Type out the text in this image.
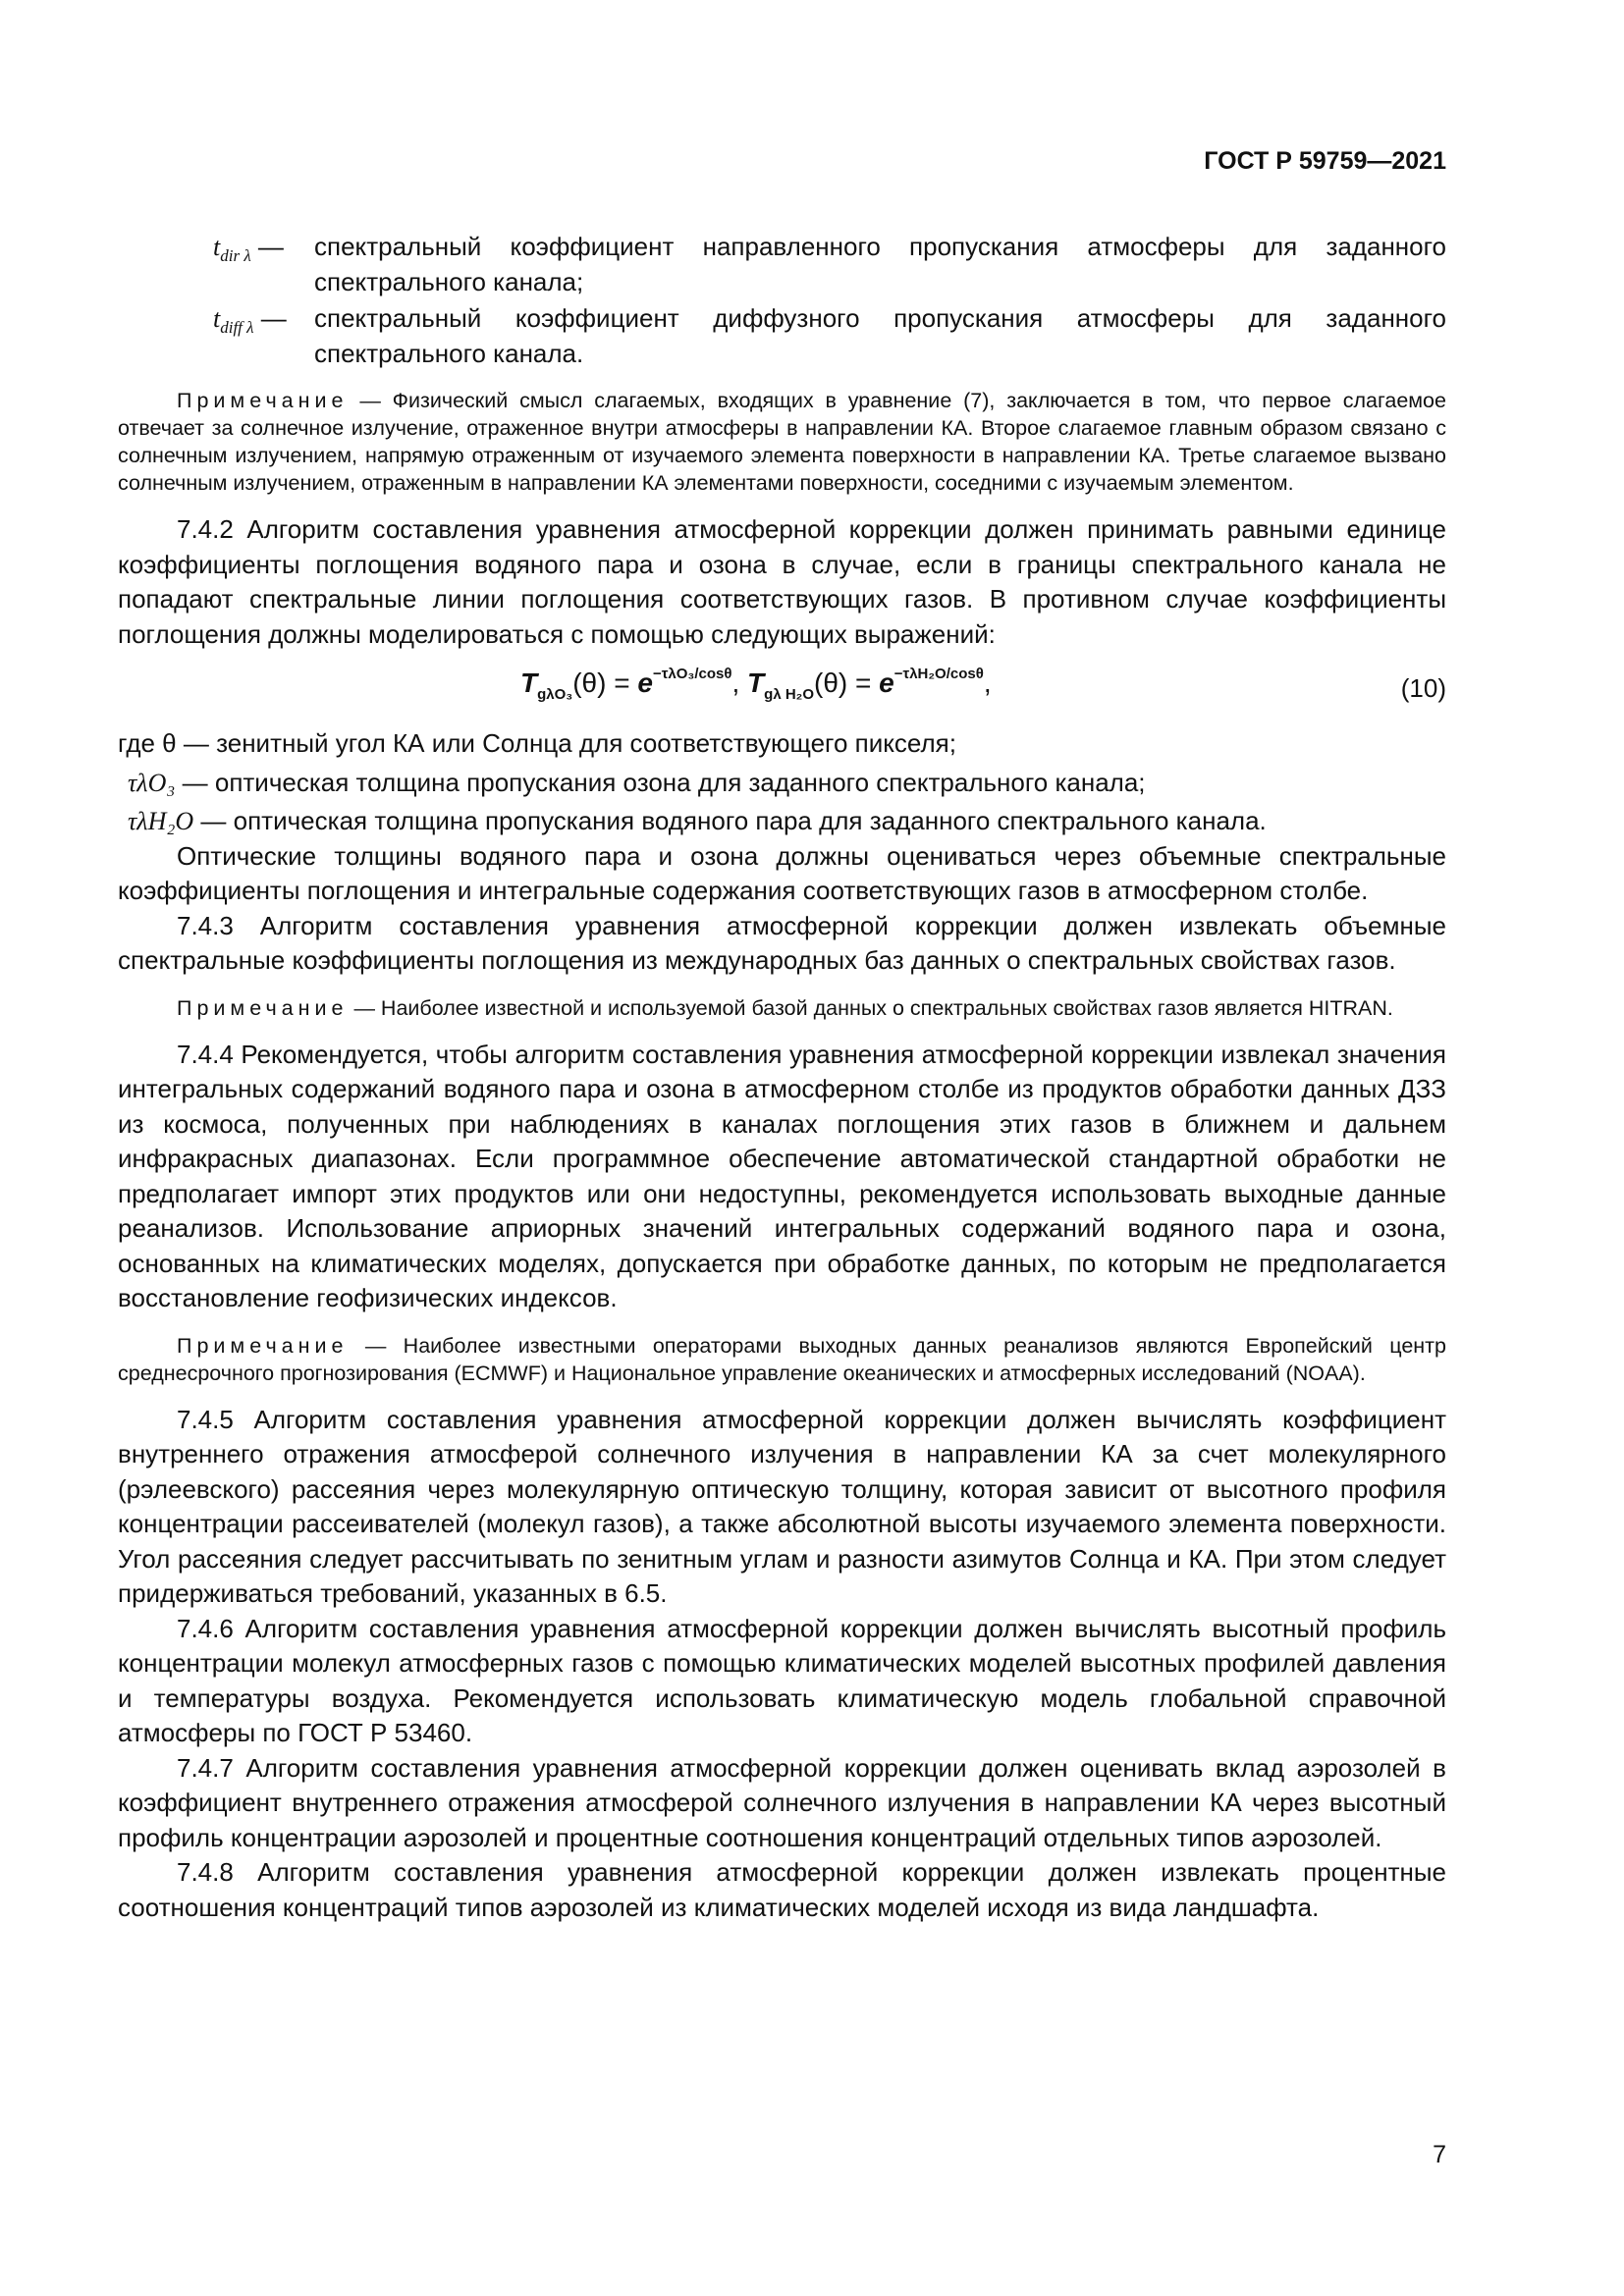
ГОСТ Р 59759—2021
$t_{dir \lambda}$ —	спектральный коэффициент направленного пропускания атмосферы для заданного спектрального канала;
$t_{diff \lambda}$ —	спектральный коэффициент диффузного пропускания атмосферы для заданного спектрального канала.

Примечание — Физический смысл слагаемых, входящих в уравнение (7), заключается в том, что первое слагаемое отвечает за солнечное излучение, отраженное внутри атмосферы в направлении КА. Второе слагаемое главным образом связано с солнечным излучением, напрямую отраженным от изучаемого элемента поверхности в направлении КА. Третье слагаемое вызвано солнечным излучением, отраженным в направлении КА элементами поверхности, соседними с изучаемым элементом.

7.4.2 Алгоритм составления уравнения атмосферной коррекции должен принимать равными единице коэффициенты поглощения водяного пара и озона в случае, если в границы спектрального канала не попадают спектральные линии поглощения соответствующих газов. В противном случае коэффициенты поглощения должны моделироваться с помощью следующих выражений:

$T_{g\lambda O_3}(\theta) = e^{-\tau\lambda O_3/cos\theta}$, $T_{g\lambda H_2O}(\theta) = e^{-\tau\lambda H_2O/cos\theta}$,	(10)
где θ — зенитный угол КА или Солнца для соответствующего пикселя;
τλO₃ — оптическая толщина пропускания озона для заданного спектрального канала;
τλH₂O — оптическая толщина пропускания водяного пара для заданного спектрального канала.

Оптические толщины водяного пара и озона должны оцениваться через объемные спектральные коэффициенты поглощения и интегральные содержания соответствующих газов в атмосферном столбе.

7.4.3 Алгоритм составления уравнения атмосферной коррекции должен извлекать объемные спектральные коэффициенты поглощения из международных баз данных о спектральных свойствах газов.

Примечание — Наиболее известной и используемой базой данных о спектральных свойствах газов является HITRAN.

7.4.4 Рекомендуется, чтобы алгоритм составления уравнения атмосферной коррекции извлекал значения интегральных содержаний водяного пара и озона в атмосферном столбе из продуктов обработки данных ДЗЗ из космоса, полученных при наблюдениях в каналах поглощения этих газов в ближнем и дальнем инфракрасных диапазонах. Если программное обеспечение автоматической стандартной обработки не предполагает импорт этих продуктов или они недоступны, рекомендуется использовать выходные данные реанализов. Использование априорных значений интегральных содержаний водяного пара и озона, основанных на климатических моделях, допускается при обработке данных, по которым не предполагается восстановление геофизических индексов.

Примечание — Наиболее известными операторами выходных данных реанализов являются Европейский центр среднесрочного прогнозирования (ECMWF) и Национальное управление океанических и атмосферных исследований (NOAA).

7.4.5 Алгоритм составления уравнения атмосферной коррекции должен вычислять коэффициент внутреннего отражения атмосферой солнечного излучения в направлении КА за счет молекулярного (рэлеевского) рассеяния через молекулярную оптическую толщину, которая зависит от высотного профиля концентрации рассеивателей (молекул газов), а также абсолютной высоты изучаемого элемента поверхности. Угол рассеяния следует рассчитывать по зенитным углам и разности азимутов Солнца и КА. При этом следует придерживаться требований, указанных в 6.5.

7.4.6 Алгоритм составления уравнения атмосферной коррекции должен вычислять высотный профиль концентрации молекул атмосферных газов с помощью климатических моделей высотных профилей давления и температуры воздуха. Рекомендуется использовать климатическую модель глобальной справочной атмосферы по ГОСТ Р 53460.

7.4.7 Алгоритм составления уравнения атмосферной коррекции должен оценивать вклад аэрозолей в коэффициент внутреннего отражения атмосферой солнечного излучения в направлении КА через высотный профиль концентрации аэрозолей и процентные соотношения концентраций отдельных типов аэрозолей.

7.4.8 Алгоритм составления уравнения атмосферной коррекции должен извлекать процентные соотношения концентраций типов аэрозолей из климатических моделей исходя из вида ландшафта.

7
